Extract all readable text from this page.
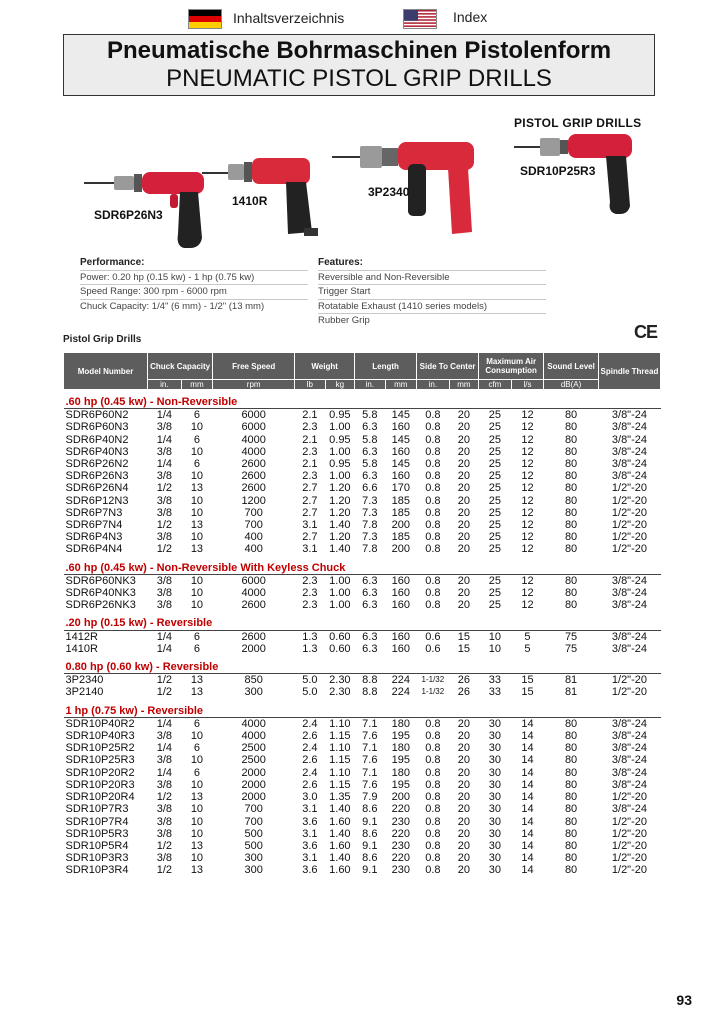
Inhaltsverzeichnis	Index
Pneumatische Bohrmaschinen Pistolenform
PNEUMATIC PISTOL GRIP DRILLS
PISTOL GRIP DRILLS
SDR6P26N3
1410R
3P2340
SDR10P25R3
Performance:
Power: 0.20 hp (0.15 kw) - 1 hp (0.75 kw)
Speed Range: 300 rpm - 6000 rpm
Chuck Capacity: 1/4" (6 mm) - 1/2" (13 mm)
Features:
Reversible and Non-Reversible
Trigger Start
Rotatable Exhaust (1410 series models)
Rubber Grip
Pistol Grip Drills	CE
Model Number	Chuck Capacity		Free Speed	Weight		Length		Side To Center		Maximum Air Consumption		Sound Level	Spindle Thread
	in.	mm	rpm	lb	kg	in.	mm	in.	mm	cfm	l/s	dB(A)	
.60 hp (0.45 kw) - Non-Reversible													
SDR6P60N2	1/4	6	6000	2.1	0.95	5.8	145	0.8	20	25	12	80	3/8"-24
SDR6P60N3	3/8	10	6000	2.3	1.00	6.3	160	0.8	20	25	12	80	3/8"-24
SDR6P40N2	1/4	6	4000	2.1	0.95	5.8	145	0.8	20	25	12	80	3/8"-24
SDR6P40N3	3/8	10	4000	2.3	1.00	6.3	160	0.8	20	25	12	80	3/8"-24
SDR6P26N2	1/4	6	2600	2.1	0.95	5.8	145	0.8	20	25	12	80	3/8"-24
SDR6P26N3	3/8	10	2600	2.3	1.00	6.3	160	0.8	20	25	12	80	3/8"-24
SDR6P26N4	1/2	13	2600	2.7	1.20	6.6	170	0.8	20	25	12	80	1/2"-20
SDR6P12N3	3/8	10	1200	2.7	1.20	7.3	185	0.8	20	25	12	80	1/2"-20
SDR6P7N3	3/8	10	700	2.7	1.20	7.3	185	0.8	20	25	12	80	1/2"-20
SDR6P7N4	1/2	13	700	3.1	1.40	7.8	200	0.8	20	25	12	80	1/2"-20
SDR6P4N3	3/8	10	400	2.7	1.20	7.3	185	0.8	20	25	12	80	1/2"-20
SDR6P4N4	1/2	13	400	3.1	1.40	7.8	200	0.8	20	25	12	80	1/2"-20
.60 hp (0.45 kw) - Non-Reversible With Keyless Chuck													
SDR6P60NK3	3/8	10	6000	2.3	1.00	6.3	160	0.8	20	25	12	80	3/8"-24
SDR6P40NK3	3/8	10	4000	2.3	1.00	6.3	160	0.8	20	25	12	80	3/8"-24
SDR6P26NK3	3/8	10	2600	2.3	1.00	6.3	160	0.8	20	25	12	80	3/8"-24
.20 hp (0.15 kw) - Reversible													
1412R	1/4	6	2600	1.3	0.60	6.3	160	0.6	15	10	5	75	3/8"-24
1410R	1/4	6	2000	1.3	0.60	6.3	160	0.6	15	10	5	75	3/8"-24
0.80 hp (0.60 kw) - Reversible													
3P2340	1/2	13	850	5.0	2.30	8.8	224	1-1/32	26	33	15	81	1/2"-20
3P2140	1/2	13	300	5.0	2.30	8.8	224	1-1/32	26	33	15	81	1/2"-20
1 hp (0.75 kw) - Reversible													
SDR10P40R2	1/4	6	4000	2.4	1.10	7.1	180	0.8	20	30	14	80	3/8"-24
SDR10P40R3	3/8	10	4000	2.6	1.15	7.6	195	0.8	20	30	14	80	3/8"-24
SDR10P25R2	1/4	6	2500	2.4	1.10	7.1	180	0.8	20	30	14	80	3/8"-24
SDR10P25R3	3/8	10	2500	2.6	1.15	7.6	195	0.8	20	30	14	80	3/8"-24
SDR10P20R2	1/4	6	2000	2.4	1.10	7.1	180	0.8	20	30	14	80	3/8"-24
SDR10P20R3	3/8	10	2000	2.6	1.15	7.6	195	0.8	20	30	14	80	3/8"-24
SDR10P20R4	1/2	13	2000	3.0	1.35	7.9	200	0.8	20	30	14	80	1/2"-20
SDR10P7R3	3/8	10	700	3.1	1.40	8.6	220	0.8	20	30	14	80	3/8"-24
SDR10P7R4	3/8	10	700	3.6	1.60	9.1	230	0.8	20	30	14	80	1/2"-20
SDR10P5R3	3/8	10	500	3.1	1.40	8.6	220	0.8	20	30	14	80	1/2"-20
SDR10P5R4	1/2	13	500	3.6	1.60	9.1	230	0.8	20	30	14	80	1/2"-20
SDR10P3R3	3/8	10	300	3.1	1.40	8.6	220	0.8	20	30	14	80	1/2"-20
SDR10P3R4	1/2	13	300	3.6	1.60	9.1	230	0.8	20	30	14	80	1/2"-20
93
